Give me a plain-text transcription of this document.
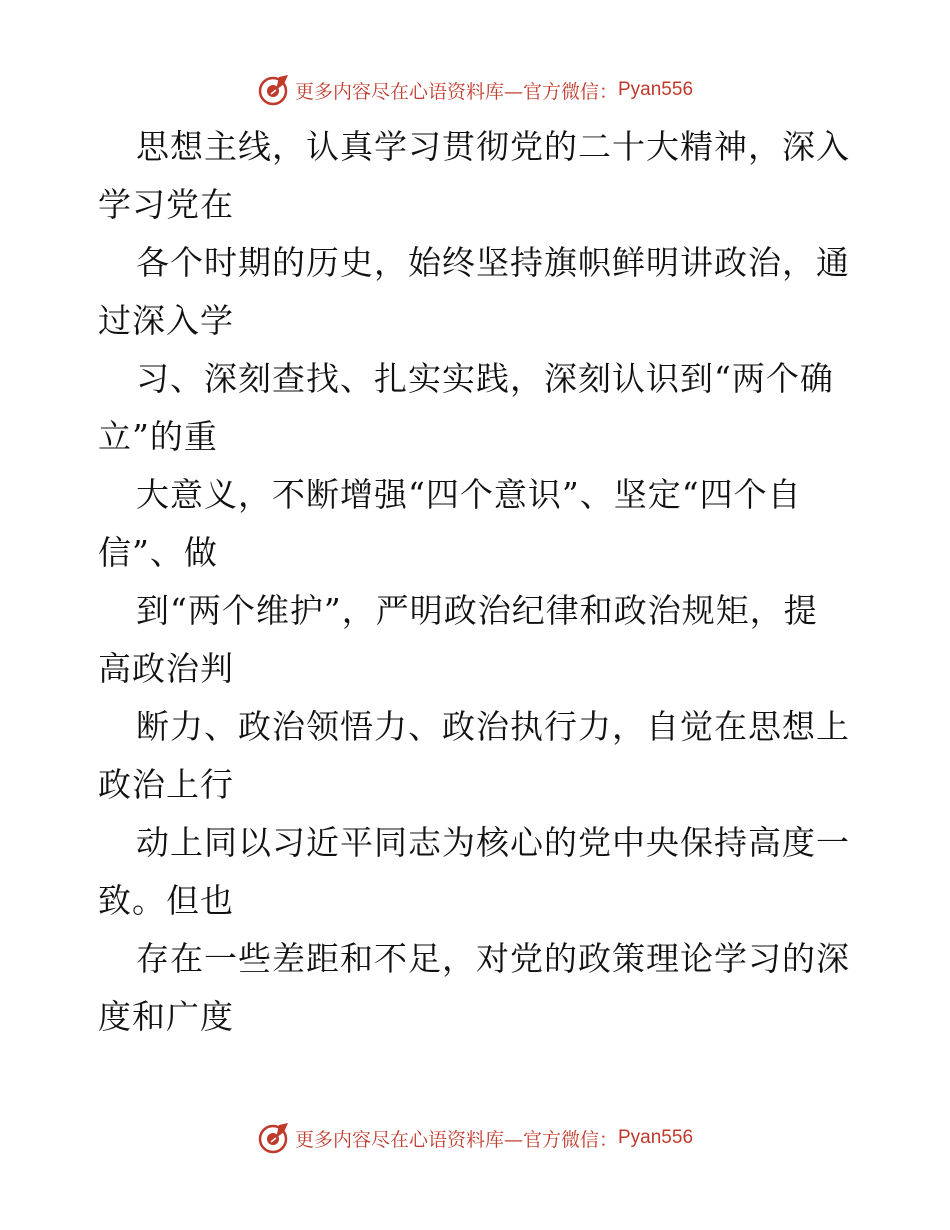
更多内容尽在心语资料库—官方微信： Pyan556

思想主线，认真学习贯彻党的二十大精神，深入
学习党在

各个时期的历史，始终坚持旗帜鲜明讲政治，通
过深入学

习、深刻查找、扎实实践，深刻认识到“两个确
立”的重

大意义，不断增强“四个意识”、坚定“四个自
信”、做

到“两个维护”，严明政治纪律和政治规矩，提
高政治判

断力、政治领悟力、政治执行力，自觉在思想上
政治上行

动上同以习近平同志为核心的党中央保持高度一
致。但也

存在一些差距和不足，对党的政策理论学习的深
度和广度

更多内容尽在心语资料库—官方微信： Pyan556
